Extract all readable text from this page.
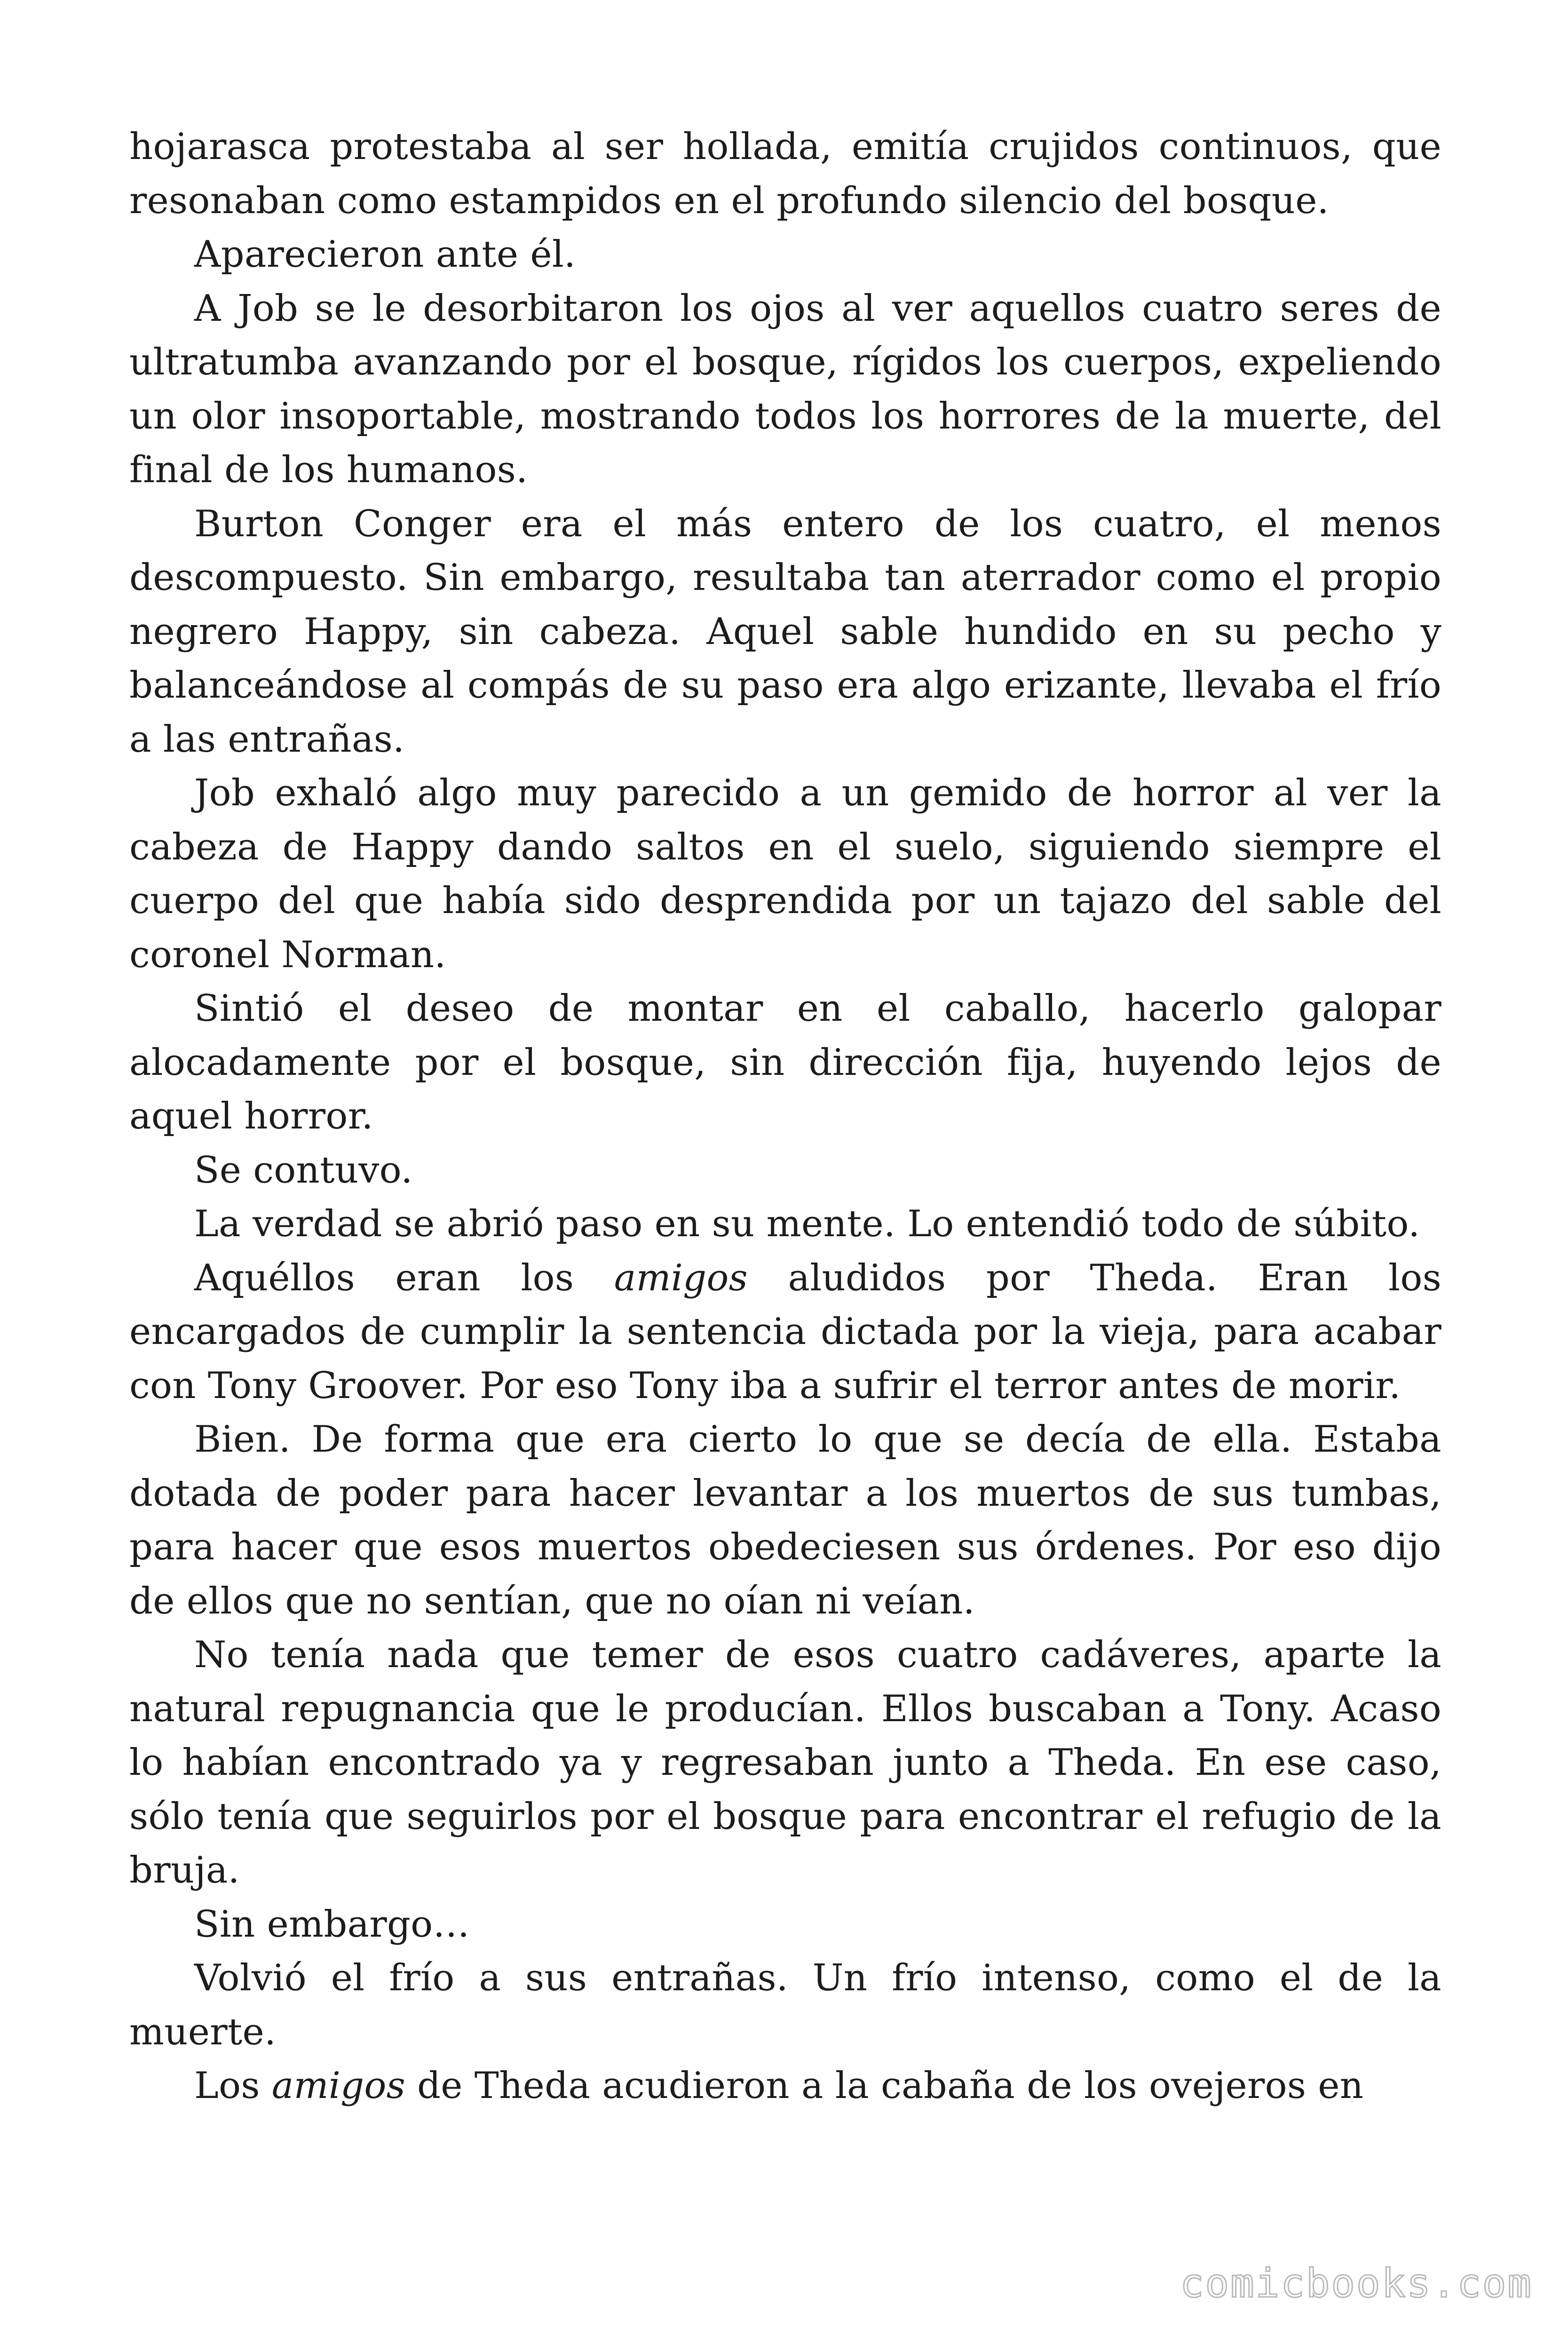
hojarasca protestaba al ser hollada, emitía crujidos continuos, que resonaban como estampidos en el profundo silencio del bosque.

Aparecieron ante él.

A Job se le desorbitaron los ojos al ver aquellos cuatro seres de ultratumba avanzando por el bosque, rígidos los cuerpos, expeliendo un olor insoportable, mostrando todos los horrores de la muerte, del final de los humanos.

Burton Conger era el más entero de los cuatro, el menos descompuesto. Sin embargo, resultaba tan aterrador como el propio negrero Happy, sin cabeza. Aquel sable hundido en su pecho y balanceándose al compás de su paso era algo erizante, llevaba el frío a las entrañas.

Job exhaló algo muy parecido a un gemido de horror al ver la cabeza de Happy dando saltos en el suelo, siguiendo siempre el cuerpo del que había sido desprendida por un tajazo del sable del coronel Norman.

Sintió el deseo de montar en el caballo, hacerlo galopar alocadamente por el bosque, sin dirección fija, huyendo lejos de aquel horror.

Se contuvo.

La verdad se abrió paso en su mente. Lo entendió todo de súbito.

Aquéllos eran los amigos aludidos por Theda. Eran los encargados de cumplir la sentencia dictada por la vieja, para acabar con Tony Groover. Por eso Tony iba a sufrir el terror antes de morir.

Bien. De forma que era cierto lo que se decía de ella. Estaba dotada de poder para hacer levantar a los muertos de sus tumbas, para hacer que esos muertos obedeciesen sus órdenes. Por eso dijo de ellos que no sentían, que no oían ni veían.

No tenía nada que temer de esos cuatro cadáveres, aparte la natural repugnancia que le producían. Ellos buscaban a Tony. Acaso lo habían encontrado ya y regresaban junto a Theda. En ese caso, sólo tenía que seguirlos por el bosque para encontrar el refugio de la bruja.

Sin embargo…

Volvió el frío a sus entrañas. Un frío intenso, como el de la muerte.

Los amigos de Theda acudieron a la cabaña de los ovejeros en

comicbooks.com
